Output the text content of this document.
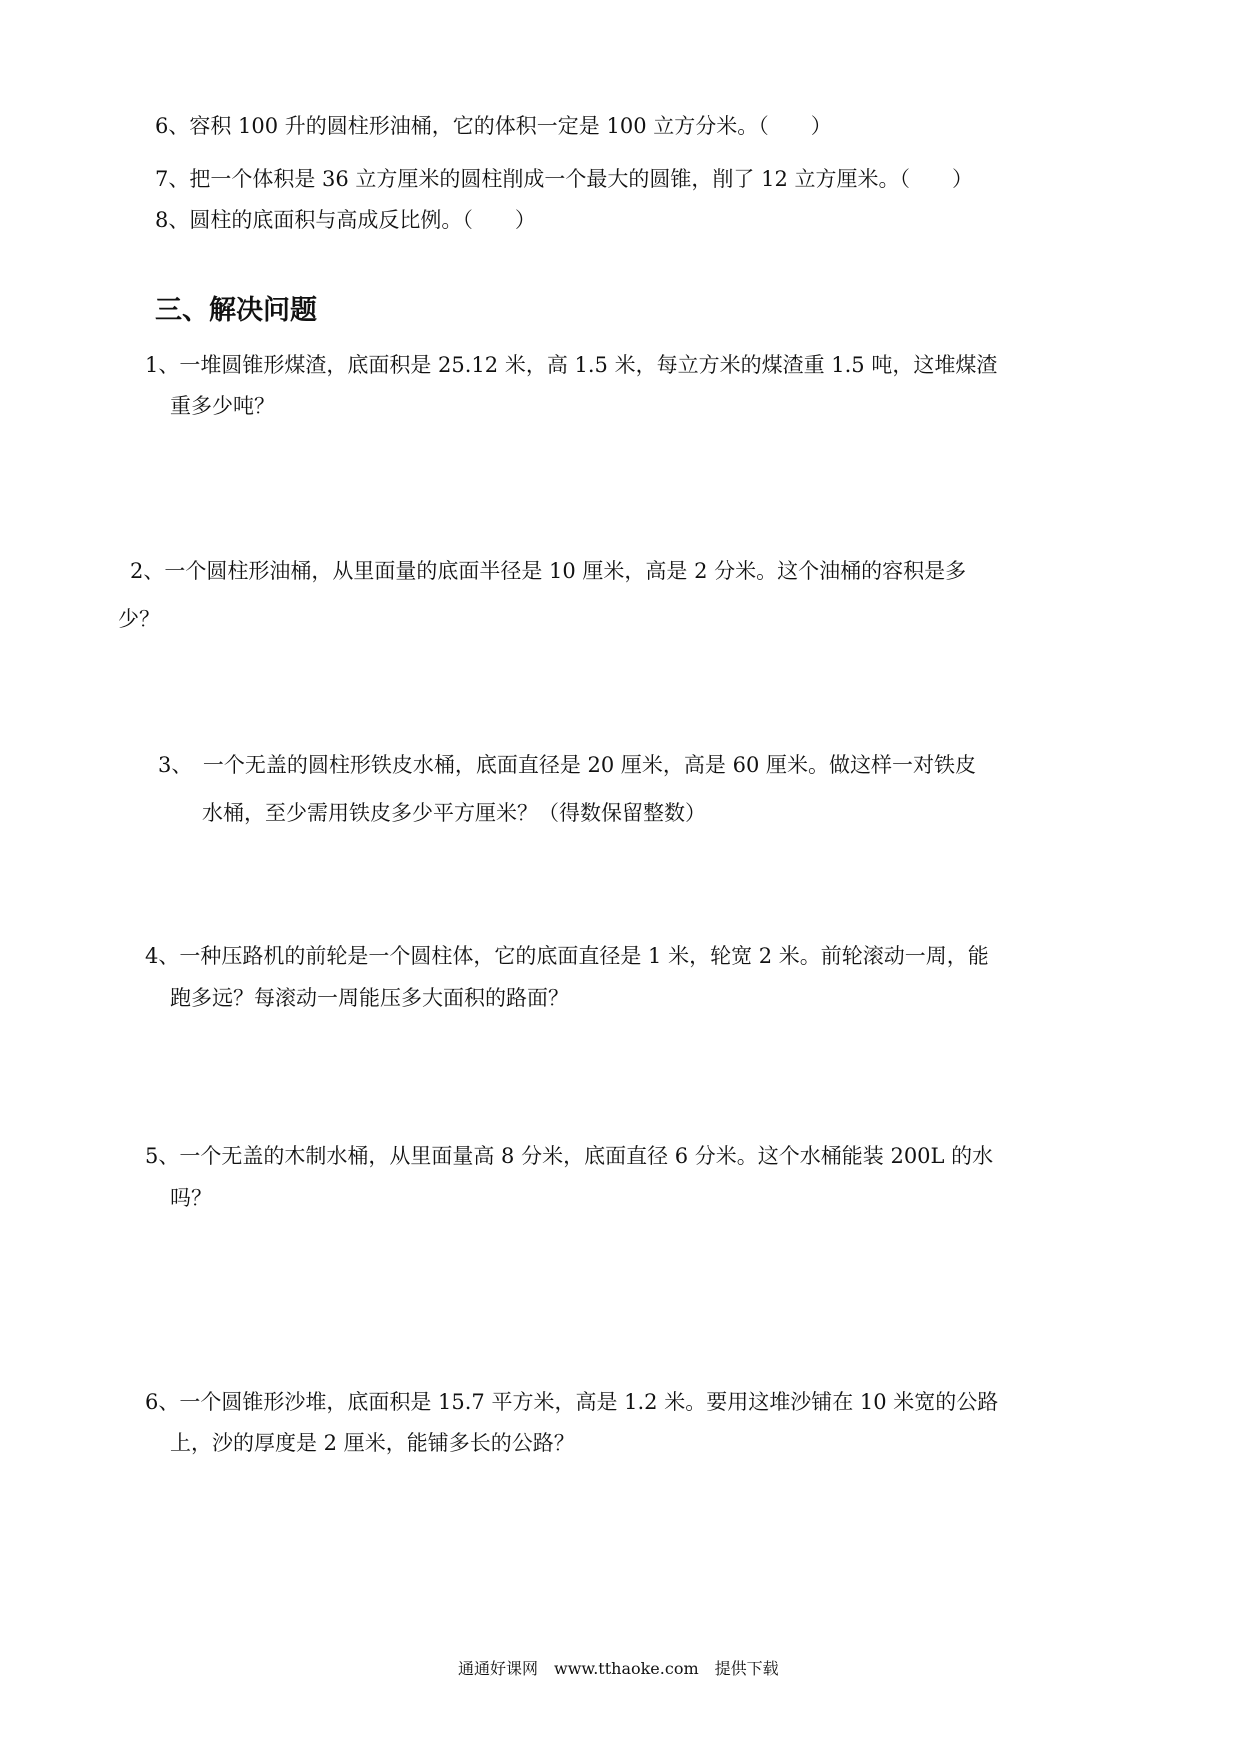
6、容积 100 升的圆柱形油桶，它的体积一定是 100 立方分米。（　　）
7、把一个体积是 36 立方厘米的圆柱削成一个最大的圆锥，削了 12 立方厘米。（　　）
8、圆柱的底面积与高成反比例。（　　）
三、解决问题
1、一堆圆锥形煤渣，底面积是 25.12 米，高 1.5 米，每立方米的煤渣重 1.5 吨，这堆煤渣
重多少吨？
2、一个圆柱形油桶，从里面量的底面半径是 10 厘米，高是 2 分米。这个油桶的容积是多
少？
3、　一个无盖的圆柱形铁皮水桶，底面直径是 20 厘米，高是 60 厘米。做这样一对铁皮
水桶，至少需用铁皮多少平方厘米？（得数保留整数）
4、一种压路机的前轮是一个圆柱体，它的底面直径是 1 米，轮宽 2 米。前轮滚动一周，能
跑多远？每滚动一周能压多大面积的路面？
5、一个无盖的木制水桶，从里面量高 8 分米，底面直径 6 分米。这个水桶能装 200L 的水
吗？
6、一个圆锥形沙堆，底面积是 15.7 平方米，高是 1.2 米。要用这堆沙铺在 10 米宽的公路
上，沙的厚度是 2 厘米，能铺多长的公路？
通通好课网　www.tthaoke.com　提供下载
